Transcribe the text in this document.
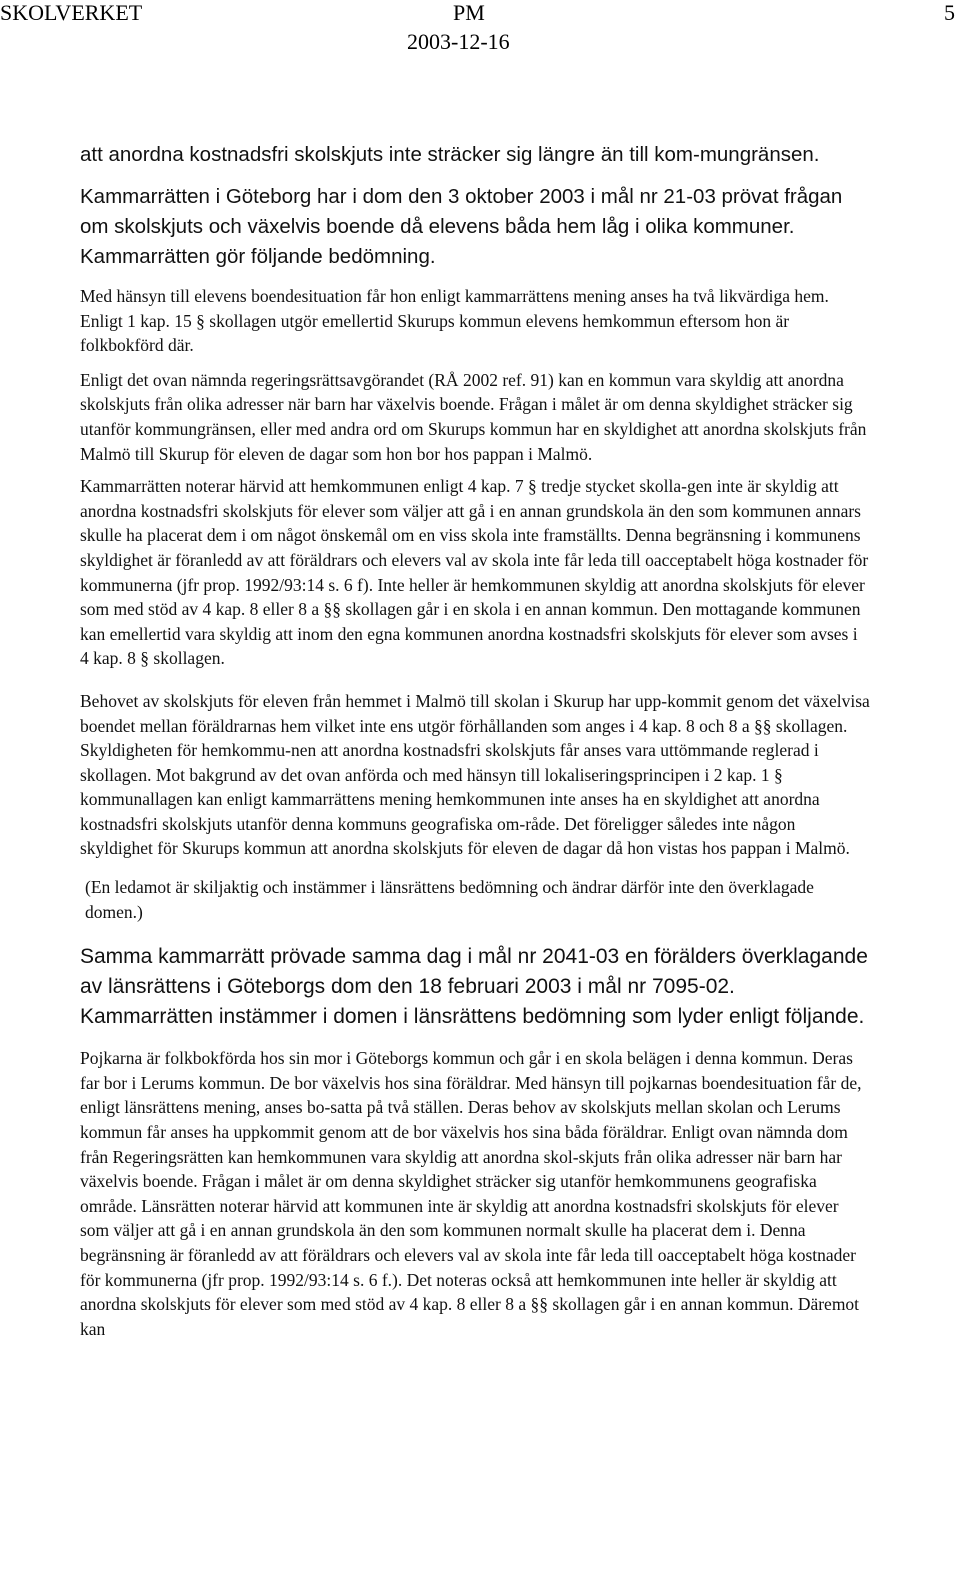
SKOLVERKET	PM
2003-12-16
5

att anordna kostnadsfri skolskjuts inte sträcker sig längre än till kom-mungränsen.

Kammarrätten i Göteborg har i dom den 3 oktober 2003 i mål nr 21-03 prövat frågan om skolskjuts och växelvis boende då elevens båda hem låg i olika kommuner. Kammarrätten gör följande bedömning.

Med hänsyn till elevens boendesituation får hon enligt kammarrättens mening anses ha två likvärdiga hem. Enligt 1 kap. 15 § skollagen utgör emellertid Skurups kommun elevens hemkommun eftersom hon är folkbokförd där.

Enligt det ovan nämnda regeringsrättsavgörandet (RÅ 2002 ref. 91) kan en kommun vara skyldig att anordna skolskjuts från olika adresser när barn har växelvis boende. Frågan i målet är om denna skyldighet sträcker sig utanför kommungränsen, eller med andra ord om Skurups kommun har en skyldighet att anordna skolskjuts från Malmö till Skurup för eleven de dagar som hon bor hos pappan i Malmö.

Kammarrätten noterar härvid att hemkommunen enligt 4 kap. 7 § tredje stycket skolla-gen inte är skyldig att anordna kostnadsfri skolskjuts för elever som väljer att gå i en annan grundskola än den som kommunen annars skulle ha placerat dem i om något önskemål om en viss skola inte framställts. Denna begränsning i kommunens skyldighet är föranledd av att föräldrars och elevers val av skola inte får leda till oacceptabelt höga kostnader för kommunerna (jfr prop. 1992/93:14 s. 6 f). Inte heller är hemkommunen skyldig att anordna skolskjuts för elever som med stöd av 4 kap. 8 eller 8 a §§ skollagen går i en skola i en annan kommun. Den mottagande kommunen kan emellertid vara skyldig att inom den egna kommunen anordna kostnadsfri skolskjuts för elever som avses i 4 kap. 8 § skollagen.

Behovet av skolskjuts för eleven från hemmet i Malmö till skolan i Skurup har upp-kommit genom det växelvisa boendet mellan föräldrarnas hem vilket inte ens utgör förhållanden som anges i 4 kap. 8 och 8 a §§ skollagen. Skyldigheten för hemkommu-nen att anordna kostnadsfri skolskjuts får anses vara uttömmande reglerad i skollagen. Mot bakgrund av det ovan anförda och med hänsyn till lokaliseringsprincipen i 2 kap. 1 § kommunallagen kan enligt kammarrättens mening hemkommunen inte anses ha en skyldighet att anordna kostnadsfri skolskjuts utanför denna kommuns geografiska om-råde. Det föreligger således inte någon skyldighet för Skurups kommun att anordna skolskjuts för eleven de dagar då hon vistas hos pappan i Malmö.

(En ledamot är skiljaktig och instämmer i länsrättens bedömning och ändrar därför inte den överklagade domen.)

Samma kammarrätt prövade samma dag i mål nr 2041-03 en förälders överklagande av länsrättens i Göteborgs dom den 18 februari 2003 i mål nr 7095-02. Kammarrätten instämmer i domen i länsrättens bedömning som lyder enligt följande.

Pojkarna är folkbokförda hos sin mor i Göteborgs kommun och går i en skola belägen i denna kommun. Deras far bor i Lerums kommun. De bor växelvis hos sina föräldrar. Med hänsyn till pojkarnas boendesituation får de, enligt länsrättens mening, anses bo-satta på två ställen. Deras behov av skolskjuts mellan skolan och Lerums kommun får anses ha uppkommit genom att de bor växelvis hos sina båda föräldrar. Enligt ovan nämnda dom från Regeringsrätten kan hemkommunen vara skyldig att anordna skol-skjuts från olika adresser när barn har växelvis boende. Frågan i målet är om denna skyldighet sträcker sig utanför hemkommunens geografiska område. Länsrätten noterar härvid att kommunen inte är skyldig att anordna kostnadsfri skolskjuts för elever som väljer att gå i en annan grundskola än den som kommunen normalt skulle ha placerat dem i. Denna begränsning är föranledd av att föräldrars och elevers val av skola inte får leda till oacceptabelt höga kostnader för kommunerna (jfr prop. 1992/93:14 s. 6 f.). Det noteras också att hemkommunen inte heller är skyldig att anordna skolskjuts för elever som med stöd av 4 kap. 8 eller 8 a §§ skollagen går i en annan kommun. Däremot kan
